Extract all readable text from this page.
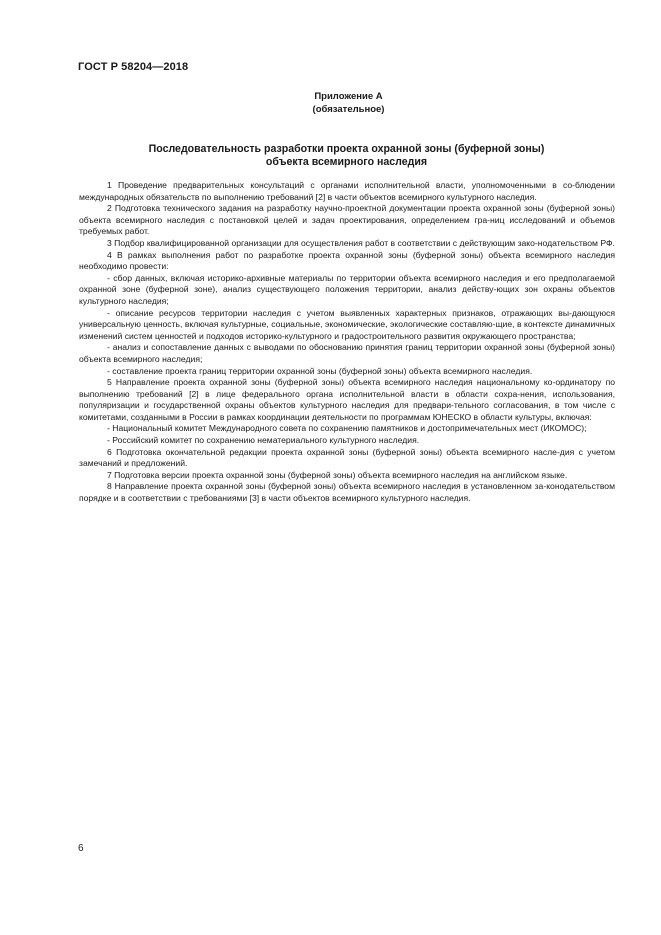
ГОСТ Р 58204—2018
Приложение А
(обязательное)
Последовательность разработки проекта охранной зоны (буферной зоны)
объекта всемирного наследия

1 Проведение предварительных консультаций с органами исполнительной власти, уполномоченными в со-блюдении международных обязательств по выполнению требований [2] в части объектов всемирного культурного наследия.

2 Подготовка технического задания на разработку научно-проектной документации проекта охранной зоны (буферной зоны) объекта всемирного наследия с постановкой целей и задач проектирования, определением гра-ниц исследований и объемов требуемых работ.

3 Подбор квалифицированной организации для осуществления работ в соответствии с действующим зако-нодательством РФ.

4 В рамках выполнения работ по разработке проекта охранной зоны (буферной зоны) объекта всемирного наследия необходимо провести:

- сбор данных, включая историко-архивные материалы по территории объекта всемирного наследия и его предполагаемой охранной зоне (буферной зоне), анализ существующего положения территории, анализ действу-ющих зон охраны объектов культурного наследия;

- описание ресурсов территории наследия с учетом выявленных характерных признаков, отражающих вы-дающуюся универсальную ценность, включая культурные, социальные, экономические, экологические составляю-щие, в контексте динамичных изменений систем ценностей и подходов историко-культурного и градостроительного развития окружающего пространства;

- анализ и сопоставление данных с выводами по обоснованию принятия границ территории охранной зоны (буферной зоны) объекта всемирного наследия;

- составление проекта границ территории охранной зоны (буферной зоны) объекта всемирного наследия.

5 Направление проекта охранной зоны (буферной зоны) объекта всемирного наследия национальному ко-ординатору по выполнению требований [2] в лице федерального органа исполнительной власти в области сохра-нения, использования, популяризации и государственной охраны объектов культурного наследия для предвари-тельного согласования, в том числе с комитетами, созданными в России в рамках координации деятельности по программам ЮНЕСКО в области культуры, включая:

- Национальный комитет Международного совета по сохранению памятников и достопримечательных мест (ИКОМОС);

- Российский комитет по сохранению нематериального культурного наследия.

6 Подготовка окончательной редакции проекта охранной зоны (буферной зоны) объекта всемирного насле-дия с учетом замечаний и предложений.

7 Подготовка версии проекта охранной зоны (буферной зоны) объекта всемирного наследия на английском языке.

8 Направление проекта охранной зоны (буферной зоны) объекта всемирного наследия в установленном за-конодательством порядке и в соответствии с требованиями [3] в части объектов всемирного культурного наследия.

6
